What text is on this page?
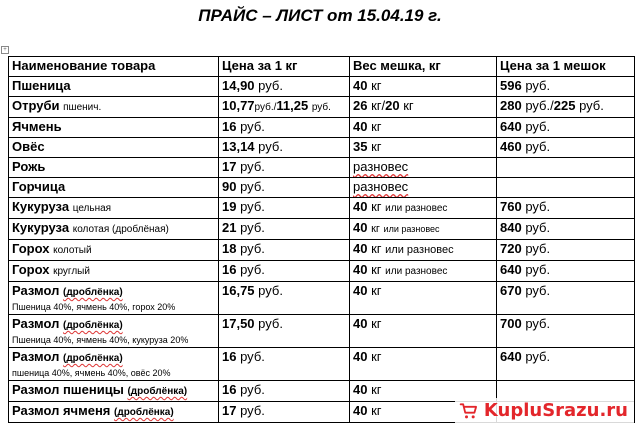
ПРАЙС – ЛИСТ от 15.04.19 г.
+
Наименование товара	Цена за 1 кг	Вес мешка, кг	Цена за 1 мешок
Пшеница	14,90 руб.	40 кг	596 руб.
Отруби пшенич.	10,77руб./11,25 руб.	26 кг/20 кг	280 руб./225 руб.
Ячмень	16 руб.	40 кг	640 руб.
Овёс	13,14 руб.	35 кг	460 руб.
Рожь	17 руб.	разновес	
Горчица	90 руб.	разновес	
Кукуруза цельная	19 руб.	40 кг или разновес	760 руб.
Кукуруза колотая (дроблёная)	21 руб.	40 кг или разновес	840 руб.
Горох колотый	18 руб.	40 кг или разновес	720 руб.
Горох круглый	16 руб.	40 кг или разновес	640 руб.
Размол (дроблёнка)
Пшеница 40%, ячмень 40%, горох 20%	16,75 руб.	40 кг	670 руб.
Размол (дроблёнка)
Пшеница 40%, ячмень 40%, кукуруза 20%	17,50 руб.	40 кг	700 руб.
Размол (дроблёнка)
пшеница 40%, ячмень 40%, овёс 20%	16 руб.	40 кг	640 руб.
Размол пшеницы (дроблёнка)	16 руб.	40 кг	
Размол ячменя (дроблёнка)	17 руб.	40 кг		KupluSrazu.ru
